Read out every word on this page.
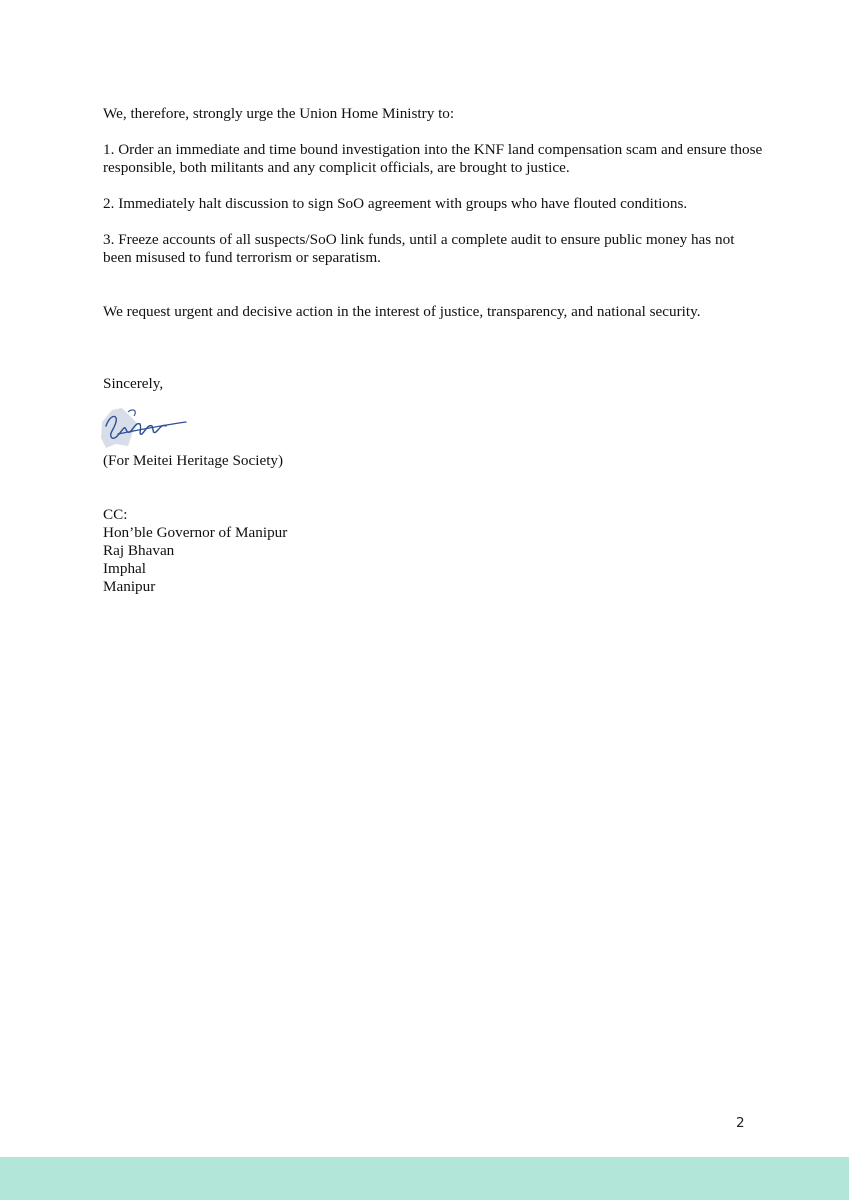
We, therefore, strongly urge the Union Home Ministry to:

1. Order an immediate and time bound investigation into the KNF land compensation scam and ensure those responsible, both militants and any complicit officials, are brought to justice.

2. Immediately halt discussion to sign SoO agreement with groups who have flouted conditions.

3. Freeze accounts of all suspects/SoO link funds, until a complete audit to ensure public money has not been misused to fund terrorism or separatism.

We request urgent and decisive action in the interest of justice, transparency, and national security.

Sincerely,

(For Meitei Heritage Society)

CC:
Hon’ble Governor of Manipur
Raj Bhavan
Imphal
Manipur
2
